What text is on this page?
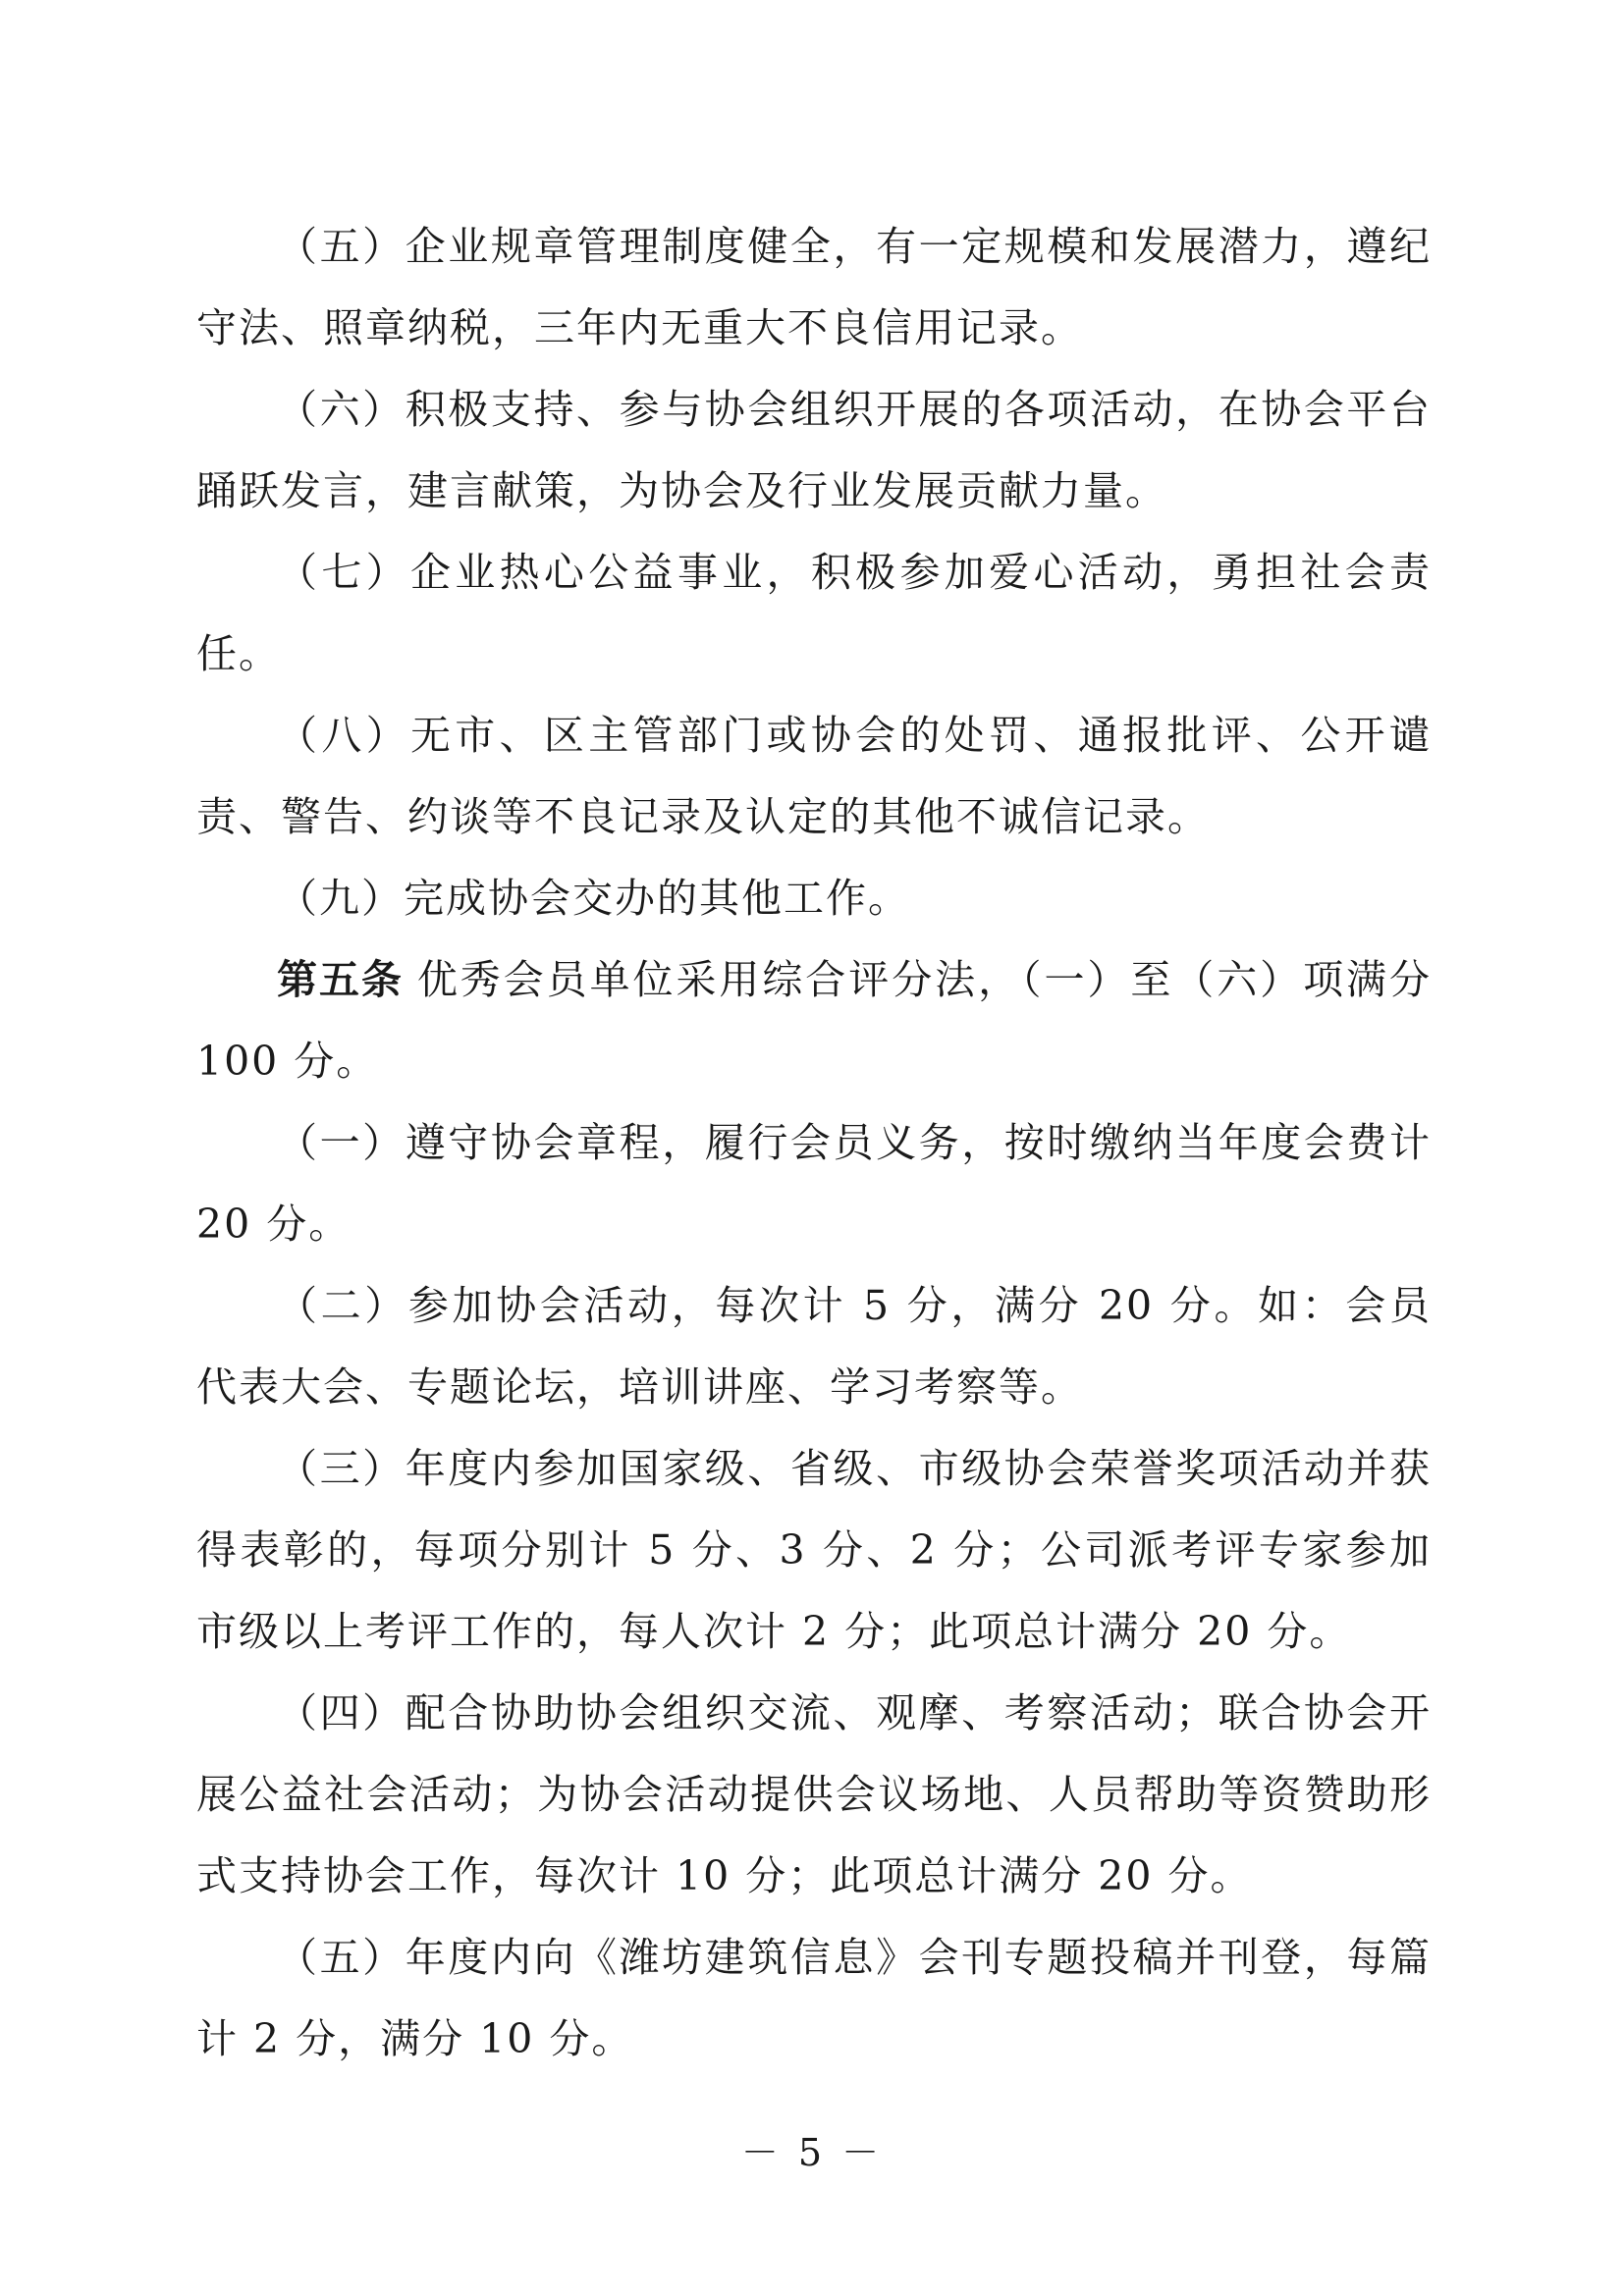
（五）企业规章管理制度健全，有一定规模和发展潜力，遵纪守法、照章纳税，三年内无重大不良信用记录。

（六）积极支持、参与协会组织开展的各项活动，在协会平台踊跃发言，建言献策，为协会及行业发展贡献力量。

（七）企业热心公益事业，积极参加爱心活动，勇担社会责任。

（八）无市、区主管部门或协会的处罚、通报批评、公开谴责、警告、约谈等不良记录及认定的其他不诚信记录。

（九）完成协会交办的其他工作。

第五条 优秀会员单位采用综合评分法，（一）至（六）项满分 100 分。

（一）遵守协会章程，履行会员义务，按时缴纳当年度会费计 20 分。

（二）参加协会活动，每次计 5 分，满分 20 分。如：会员代表大会、专题论坛，培训讲座、学习考察等。

（三）年度内参加国家级、省级、市级协会荣誉奖项活动并获得表彰的，每项分别计 5 分、3 分、2 分；公司派考评专家参加市级以上考评工作的，每人次计 2 分；此项总计满分 20 分。

（四）配合协助协会组织交流、观摩、考察活动；联合协会开展公益社会活动；为协会活动提供会议场地、人员帮助等资赞助形式支持协会工作，每次计 10 分；此项总计满分 20 分。

（五）年度内向《潍坊建筑信息》会刊专题投稿并刊登，每篇计 2 分，满分 10 分。

－ 5 －
